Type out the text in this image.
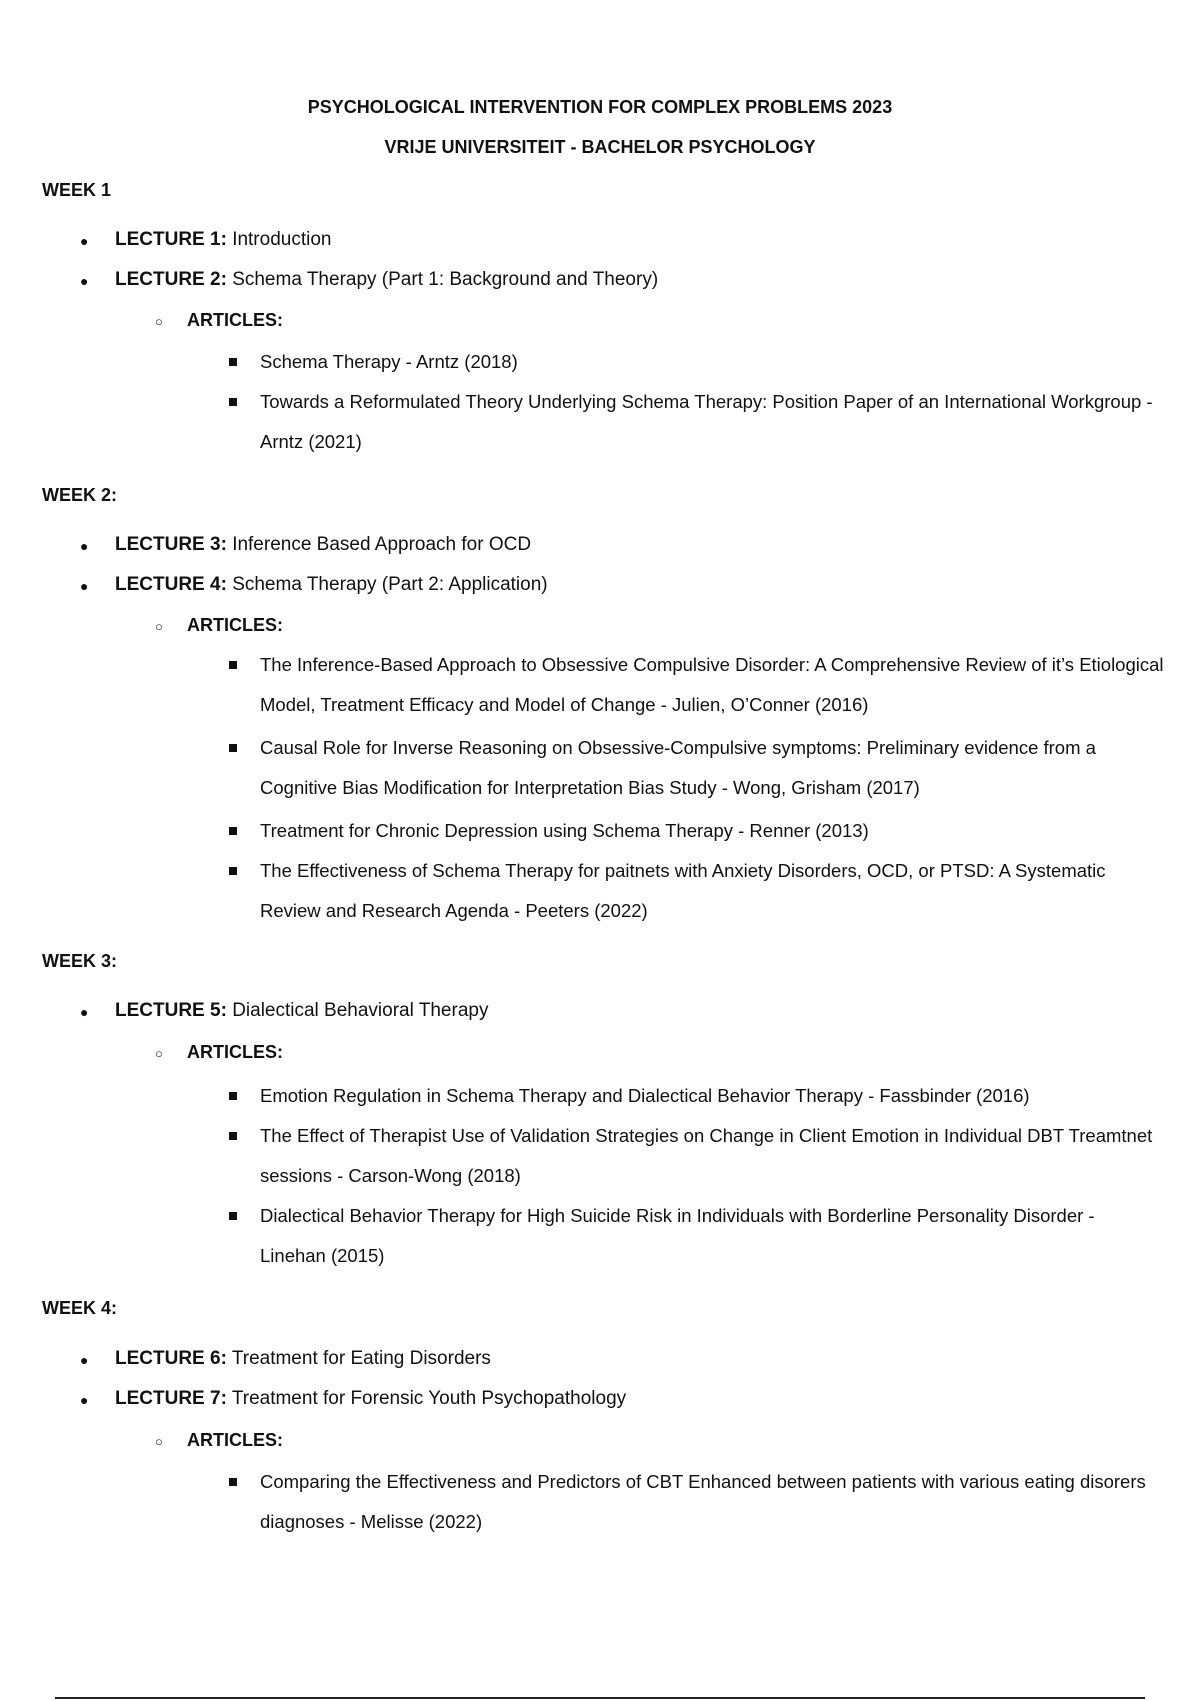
PSYCHOLOGICAL INTERVENTION FOR COMPLEX PROBLEMS 2023
VRIJE UNIVERSITEIT - BACHELOR PSYCHOLOGY
WEEK 1
● LECTURE 1: Introduction
● LECTURE 2: Schema Therapy (Part 1: Background and Theory)
○ ARTICLES:
Schema Therapy - Arntz (2018)
Towards a Reformulated Theory Underlying Schema Therapy: Position Paper of an International Workgroup - Arntz (2021)
WEEK 2:
● LECTURE 3: Inference Based Approach for OCD
● LECTURE 4: Schema Therapy (Part 2: Application)
○ ARTICLES:
The Inference-Based Approach to Obsessive Compulsive Disorder: A Comprehensive Review of it’s Etiological Model, Treatment Efficacy and Model of Change - Julien, O’Conner (2016)
Causal Role for Inverse Reasoning on Obsessive-Compulsive symptoms: Preliminary evidence from a Cognitive Bias Modification for Interpretation Bias Study - Wong, Grisham (2017)
Treatment for Chronic Depression using Schema Therapy - Renner (2013)
The Effectiveness of Schema Therapy for paitnets with Anxiety Disorders, OCD, or PTSD: A Systematic Review and Research Agenda - Peeters (2022)
WEEK 3:
● LECTURE 5: Dialectical Behavioral Therapy
○ ARTICLES:
Emotion Regulation in Schema Therapy and Dialectical Behavior Therapy - Fassbinder (2016)
The Effect of Therapist Use of Validation Strategies on Change in Client Emotion in Individual DBT Treamtnet sessions - Carson-Wong (2018)
Dialectical Behavior Therapy for High Suicide Risk in Individuals with Borderline Personality Disorder - Linehan (2015)
WEEK 4:
● LECTURE 6: Treatment for Eating Disorders
● LECTURE 7: Treatment for Forensic Youth Psychopathology
○ ARTICLES:
Comparing the Effectiveness and Predictors of CBT Enhanced between patients with various eating disorers diagnoses - Melisse (2022)
